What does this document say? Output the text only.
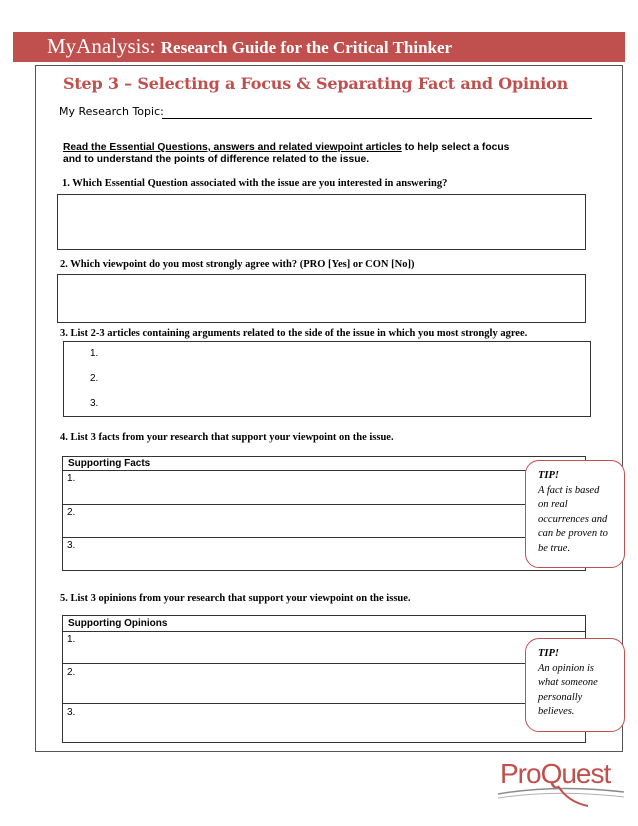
MyAnalysis: Research Guide for the Critical Thinker
Step 3 – Selecting a Focus & Separating Fact and Opinion
My Research Topic:
Read the Essential Questions, answers and related viewpoint articles to help select a focus
and to understand the points of difference related to the issue.
1. Which Essential Question associated with the issue are you interested in answering?
2. Which viewpoint do you most strongly agree with? (PRO [Yes] or CON [No])
3. List 2-3 articles containing arguments related to the side of the issue in which you most strongly agree.
1.
2.
3.
4. List 3 facts from your research that support your viewpoint on the issue.
Supporting Facts
1.
2.
3.
TIP!
A fact is based
on real
occurrences and
can be proven to
be true.
5. List 3 opinions from your research that support your viewpoint on the issue.
Supporting Opinions
1.
2.
3.
TIP!
An opinion is
what someone
personally
believes.
ProQuest
